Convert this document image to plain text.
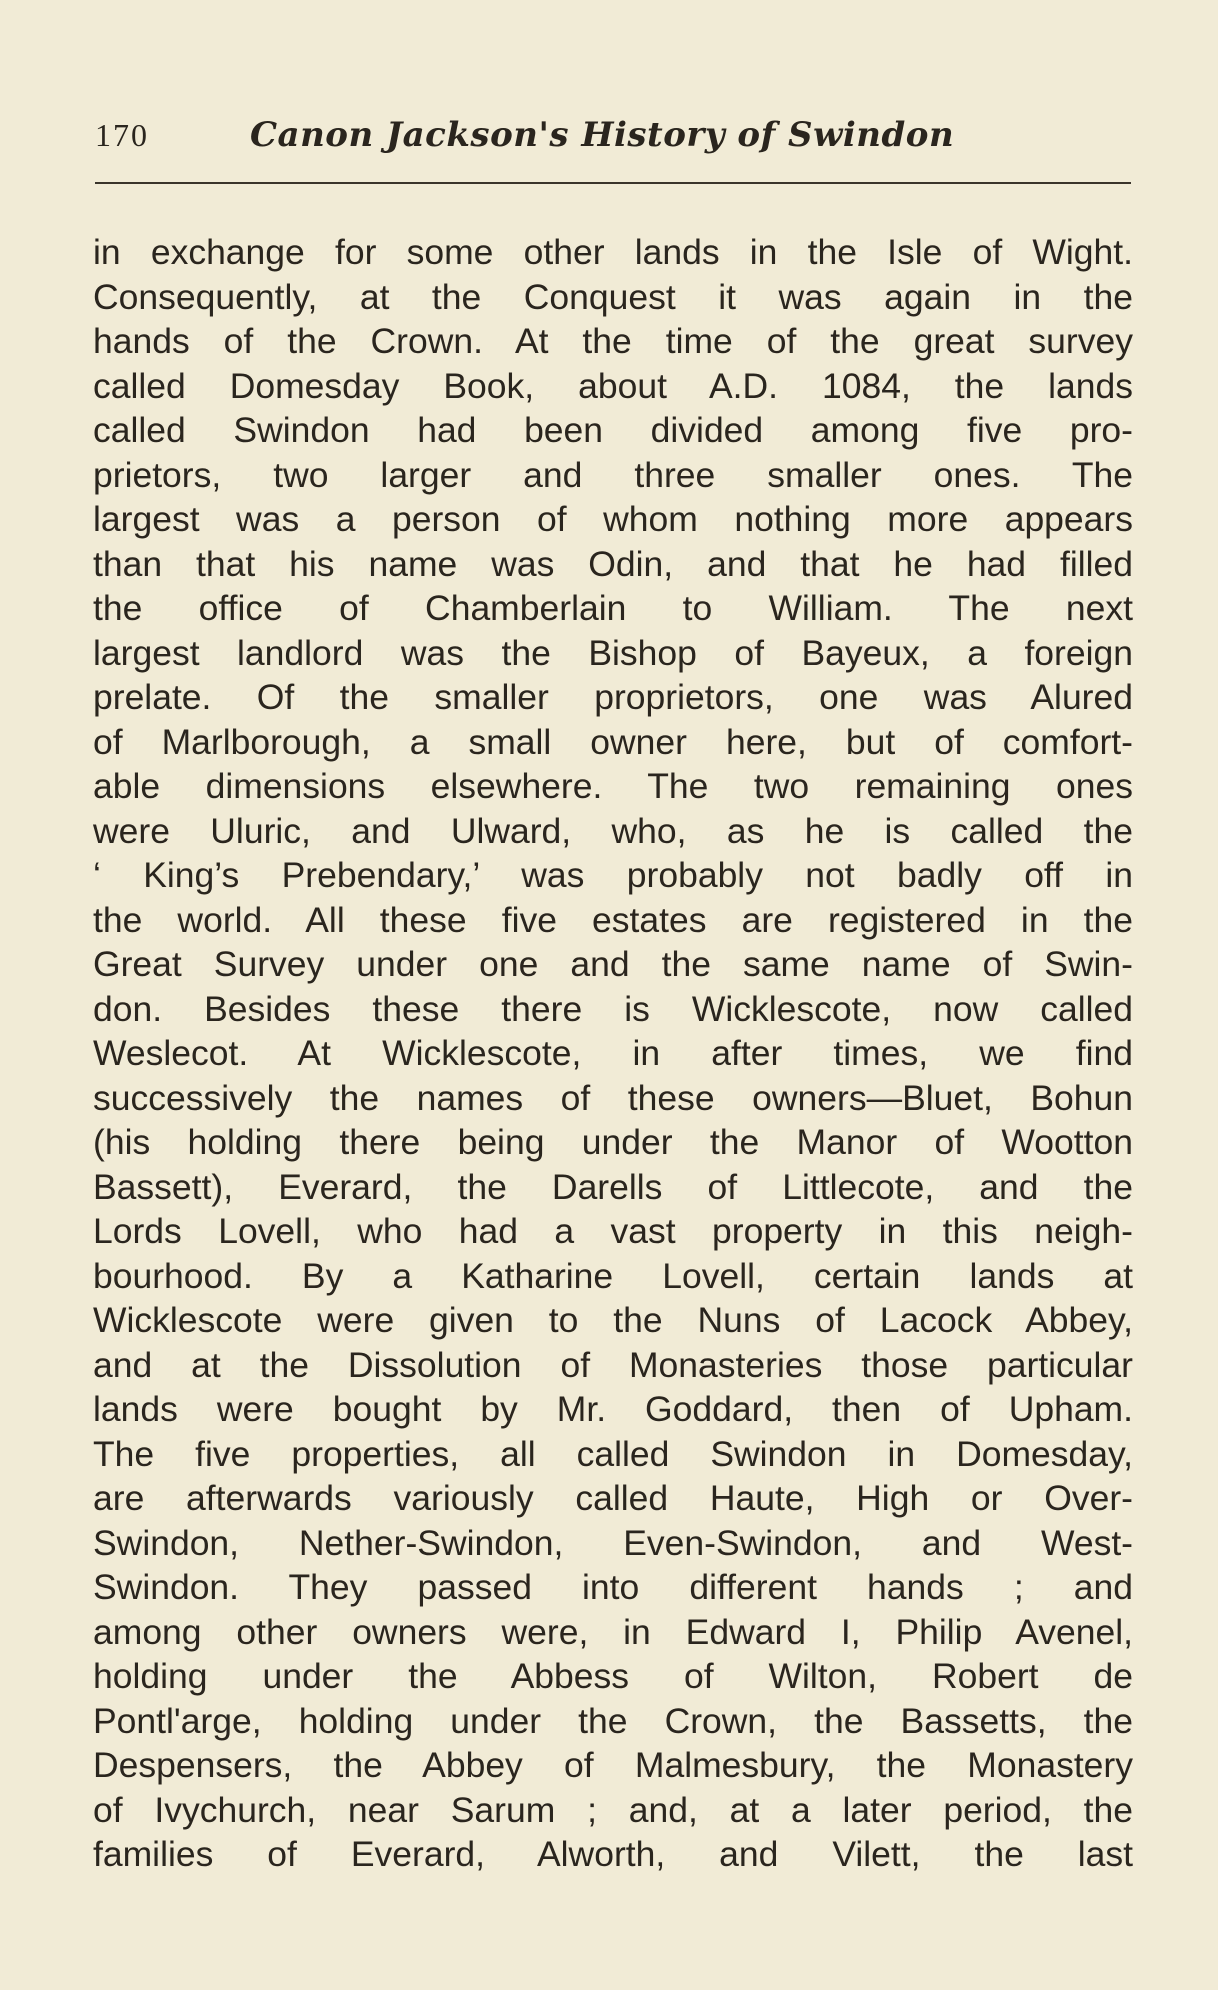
170	Canon Jackson's History of Swindon
in exchange for some other lands in the Isle of Wight.
Consequently, at the Conquest it was again in the
hands of the Crown. At the time of the great survey
called Domesday Book, about A.D. 1084, the lands
called Swindon had been divided among five pro-
prietors, two larger and three smaller ones. The
largest was a person of whom nothing more appears
than that his name was Odin, and that he had filled
the office of Chamberlain to William. The next
largest landlord was the Bishop of Bayeux, a foreign
prelate. Of the smaller proprietors, one was Alured
of Marlborough, a small owner here, but of comfort-
able dimensions elsewhere. The two remaining ones
were Uluric, and Ulward, who, as he is called the
‘ King’s Prebendary,’ was probably not badly off in
the world. All these five estates are registered in the
Great Survey under one and the same name of Swin-
don. Besides these there is Wicklescote, now called
Weslecot. At Wicklescote, in after times, we find
successively the names of these owners—Bluet, Bohun
(his holding there being under the Manor of Wootton
Bassett), Everard, the Darells of Littlecote, and the
Lords Lovell, who had a vast property in this neigh-
bourhood. By a Katharine Lovell, certain lands at
Wicklescote were given to the Nuns of Lacock Abbey,
and at the Dissolution of Monasteries those particular
lands were bought by Mr. Goddard, then of Upham.
The five properties, all called Swindon in Domesday,
are afterwards variously called Haute, High or Over-
Swindon, Nether-Swindon, Even-Swindon, and West-
Swindon. They passed into different hands ; and
among other owners were, in Edward I, Philip Avenel,
holding under the Abbess of Wilton, Robert de
Pontl'arge, holding under the Crown, the Bassetts, the
Despensers, the Abbey of Malmesbury, the Monastery
of Ivychurch, near Sarum ; and, at a later period, the
families of Everard, Alworth, and Vilett, the last
